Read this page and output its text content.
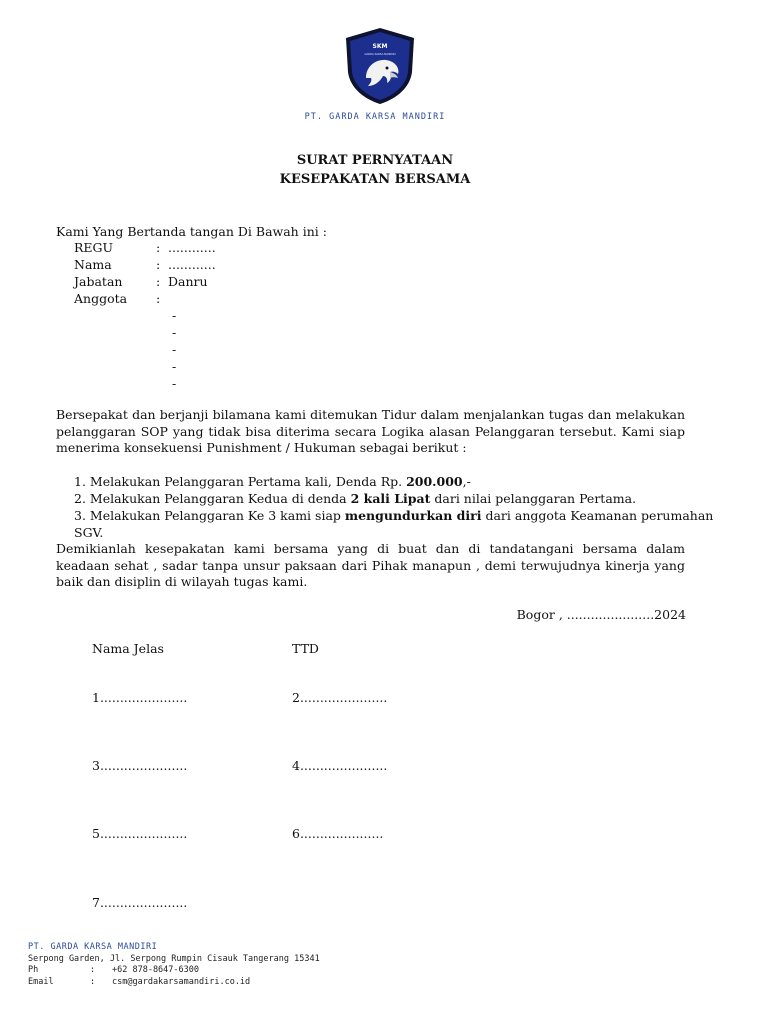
SKM
GARDA KARSA MANDIRI
PT. GARDA KARSA MANDIRI
SURAT PERNYATAAN
KESEPAKATAN BERSAMA
Kami Yang Bertanda tangan Di Bawah ini :
REGU	: ............
Nama	: ............
Jabatan	: Danru
Anggota :
-
-
-
-
-
Bersepakat dan berjanji bilamana kami ditemukan Tidur dalam menjalankan tugas dan melakukan pelanggaran SOP yang tidak bisa diterima secara Logika alasan Pelanggaran tersebut. Kami siap menerima konsekuensi Punishment / Hukuman sebagai berikut :
1. Melakukan Pelanggaran Pertama kali, Denda Rp. 200.000,-
2. Melakukan Pelanggaran Kedua di denda 2 kali Lipat dari nilai pelanggaran Pertama.
3. Melakukan Pelanggaran Ke 3 kami siap mengundurkan diri dari anggota Keamanan perumahan SGV.
Demikianlah kesepakatan kami bersama yang di buat dan di tandatangani bersama dalam keadaan sehat , sadar tanpa unsur paksaan dari Pihak manapun , demi terwujudnya kinerja yang baik dan disiplin di wilayah tugas kami.
Bogor , ......................2024
Nama Jelas	TTD
1......................	2......................
3......................	4......................
5......................	6.....................
7......................
PT. GARDA KARSA MANDIRI
Serpong Garden, Jl. Serpong Rumpin Cisauk Tangerang 15341
Ph	: +62 878-8647-6300
Email	: csm@gardakarsamandiri.co.id
